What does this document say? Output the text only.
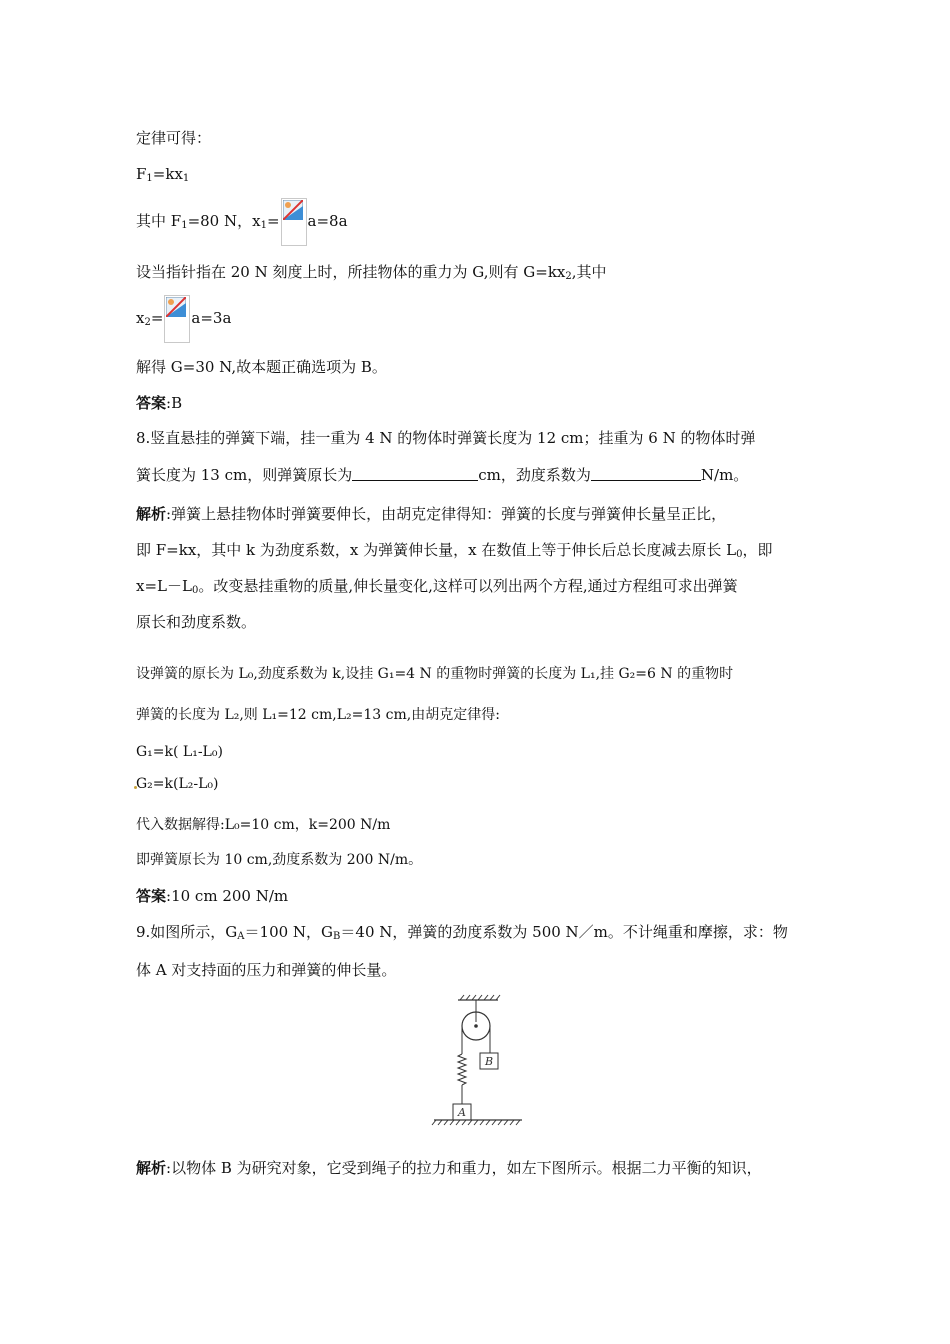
定律可得：
$F_1=kx_1$
其中 $F_1=80$ N，$x_1= a=8a$
设当指针指在 20 N 刻度上时，所挂物体的重力为 G,则有 $G=kx_2$,其中
$x_2= a=3a$
解得 G=30 N,故本题正确选项为 B。
答案:B
8.竖直悬挂的弹簧下端，挂一重为 4 N 的物体时弹簧长度为 12 cm；挂重为 6 N 的物体时弹
簧长度为 13 cm，则弹簧原长为	cm，劲度系数为	N/m。
解析:弹簧上悬挂物体时弹簧要伸长，由胡克定律得知：弹簧的长度与弹簧伸长量呈正比，
即 F=kx，其中 k 为劲度系数，x 为弹簧伸长量，x 在数值上等于伸长后总长度减去原长 $L_0$，即
$x=L-L_0$。改变悬挂重物的质量,伸长量变化,这样可以列出两个方程,通过方程组可求出弹簧
原长和劲度系数。
设弹簧的原长为 L₀,劲度系数为 k,设挂 G₁=4 N 的重物时弹簧的长度为 L₁,挂 G₂=6 N 的重物时
弹簧的长度为 L₂,则 L₁=12 cm,L₂=13 cm,由胡克定律得:
G₁=k( L₁-L₀)
G₂=k(L₂-L₀)
代入数据解得:L₀=10 cm，k=200 N/m
即弹簧原长为 10 cm,劲度系数为 200 N/m。
答案:10 cm 200 N/m
9.如图所示，$G_A=100$ N，$G_B=40$ N，弹簧的劲度系数为 500 N／m。不计绳重和摩擦，求：物
体 A 对支持面的压力和弹簧的伸长量。
B
A
解析:以物体 B 为研究对象，它受到绳子的拉力和重力，如左下图所示。根据二力平衡的知识，
